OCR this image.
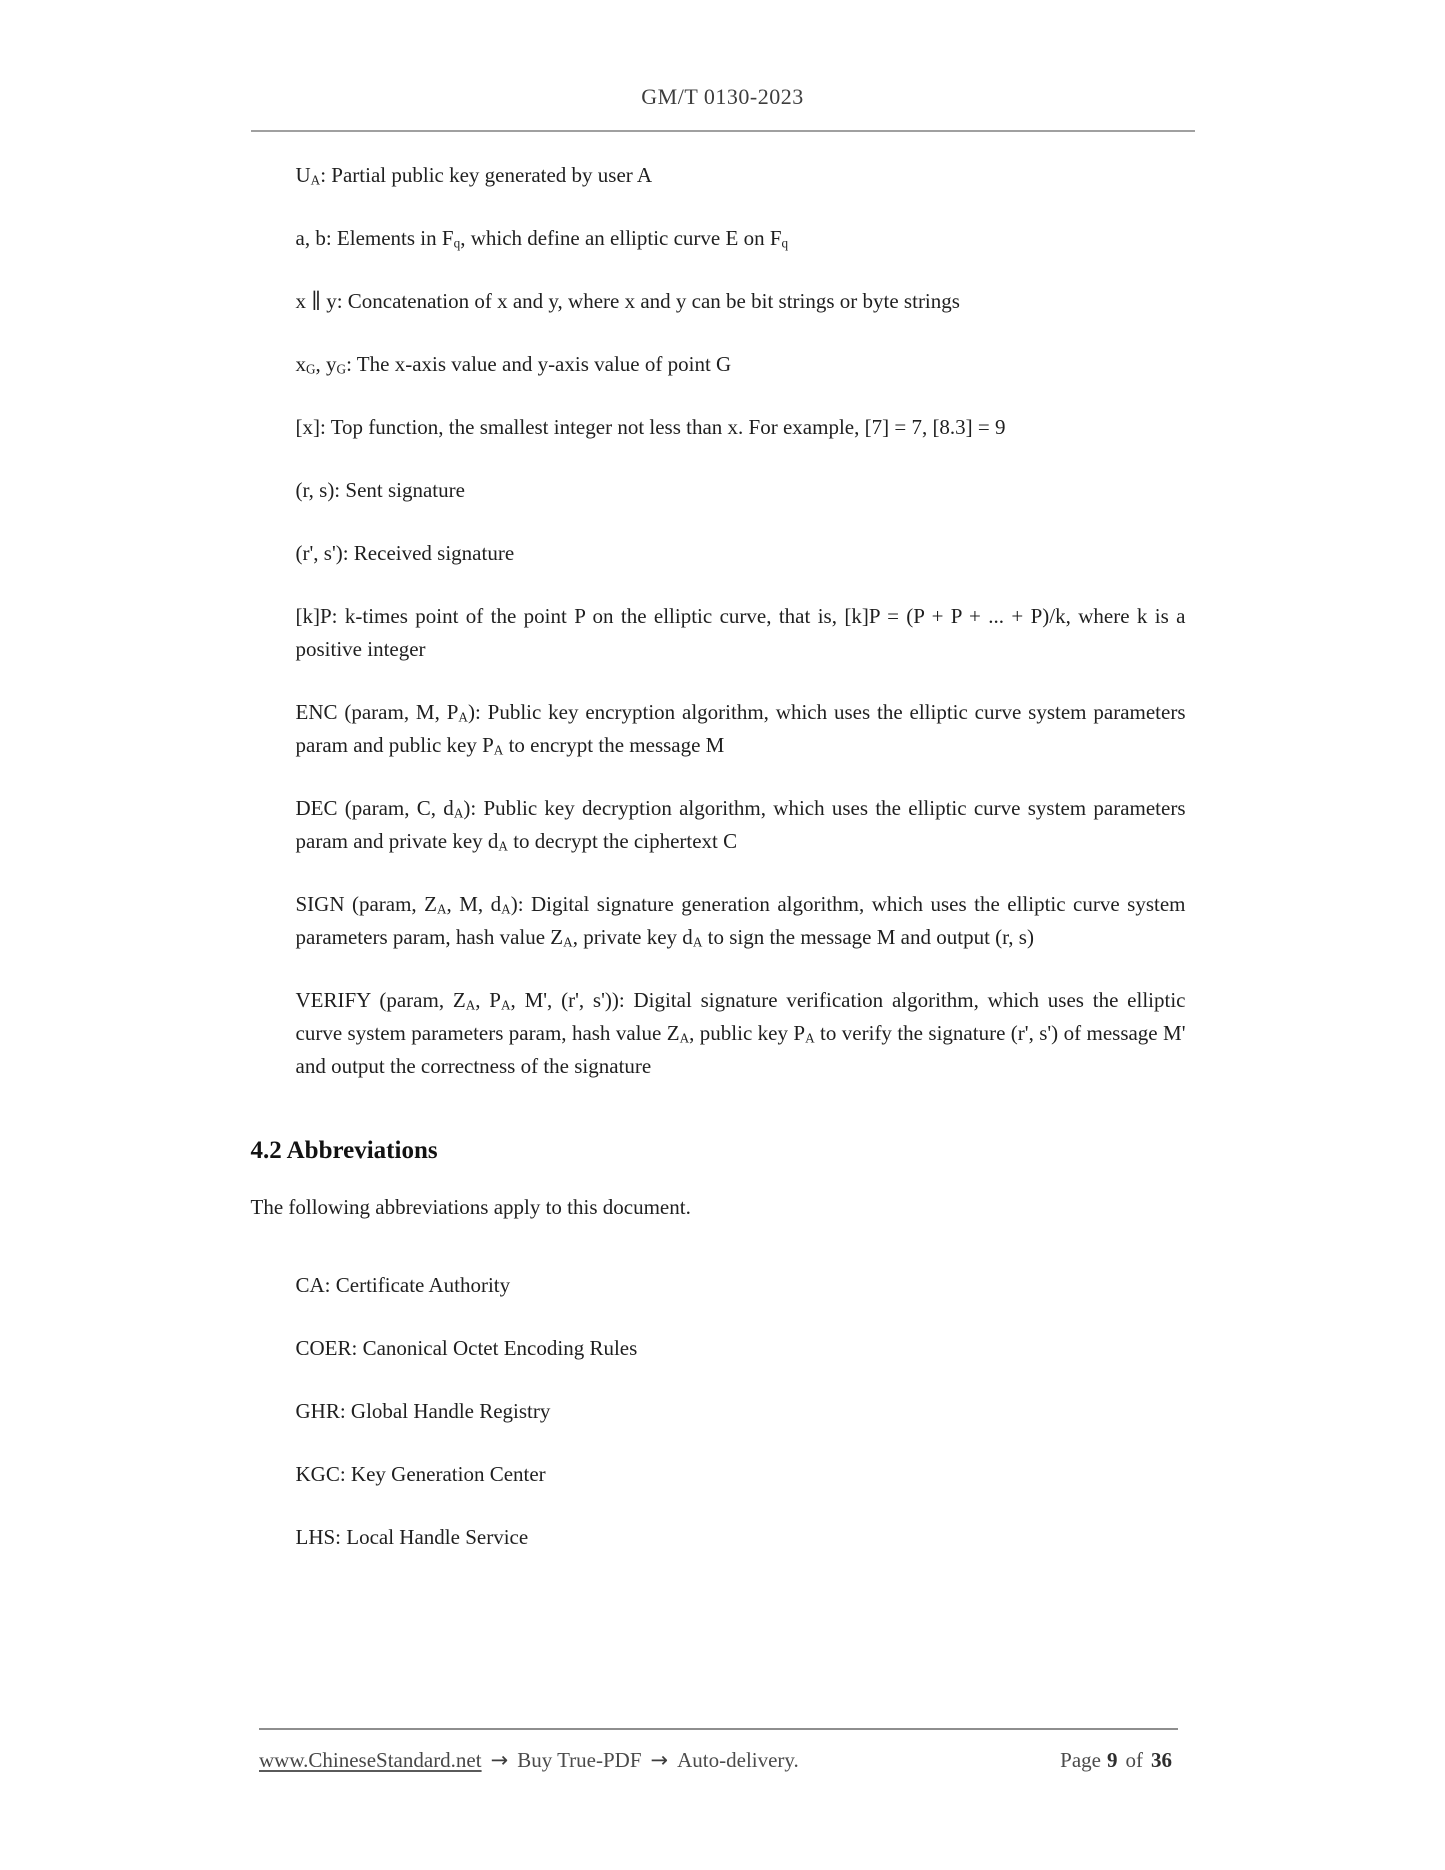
GM/T 0130-2023

$U_A$: Partial public key generated by user A

a, b: Elements in $F_q$, which define an elliptic curve E on $F_q$

x ∥ y: Concatenation of x and y, where x and y can be bit strings or byte strings

$x_G$, $y_G$: The x-axis value and y-axis value of point G

[x]: Top function, the smallest integer not less than x. For example, [7] = 7, [8.3] = 9

(r, s): Sent signature

(r', s'): Received signature

[k]P: k-times point of the point P on the elliptic curve, that is, [k]P = (P + P + ... + P)/k, where k is a positive integer

ENC (param, M, $P_A$): Public key encryption algorithm, which uses the elliptic curve system parameters param and public key $P_A$ to encrypt the message M

DEC (param, C, $d_A$): Public key decryption algorithm, which uses the elliptic curve system parameters param and private key $d_A$ to decrypt the ciphertext C

SIGN (param, $Z_A$, M, $d_A$): Digital signature generation algorithm, which uses the elliptic curve system parameters param, hash value $Z_A$, private key $d_A$ to sign the message M and output (r, s)

VERIFY (param, $Z_A$, $P_A$, M', (r', s')): Digital signature verification algorithm, which uses the elliptic curve system parameters param, hash value $Z_A$, public key $P_A$ to verify the signature (r', s') of message M' and output the correctness of the signature

4.2 Abbreviations

The following abbreviations apply to this document.

CA: Certificate Authority

COER: Canonical Octet Encoding Rules

GHR: Global Handle Registry

KGC: Key Generation Center

LHS: Local Handle Service

www.ChineseStandard.net → Buy True-PDF → Auto-delivery.	Page 9 of 36
